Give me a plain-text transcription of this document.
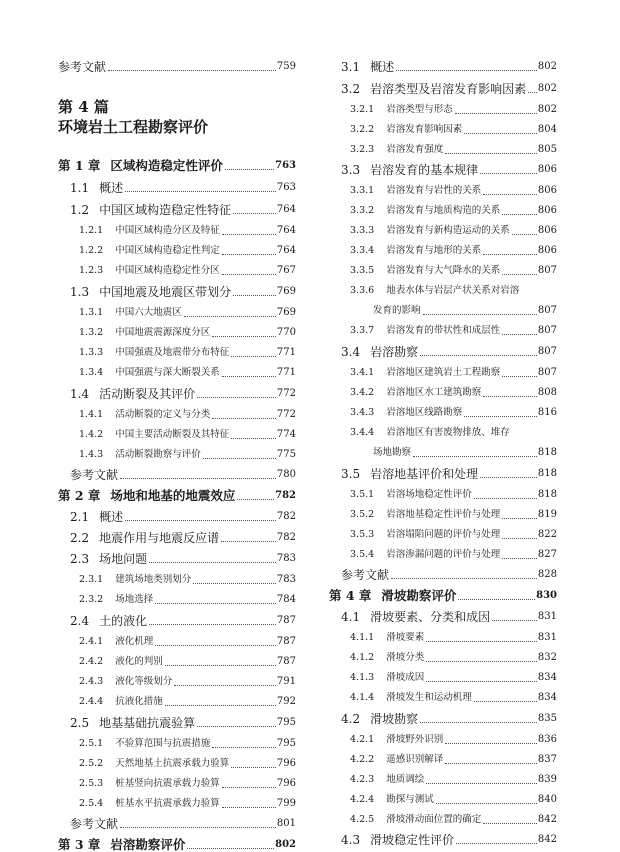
参考文献	759
第 4 篇
环境岩土工程勘察评价
第 1 章 区域构造稳定性评价	763
1.1 概述	763
1.2 中国区域构造稳定性特征	764
1.2.1 中国区域构造分区及特征	764
1.2.2 中国区域构造稳定性判定	764
1.2.3 中国区域构造稳定性分区	767
1.3 中国地震及地震区带划分	769
1.3.1 中国六大地震区	769
1.3.2 中国地震震源深度分区	770
1.3.3 中国强震及地震带分布特征	771
1.3.4 中国强震与深大断裂关系	771
1.4 活动断裂及其评价	772
1.4.1 活动断裂的定义与分类	772
1.4.2 中国主要活动断裂及其特征	774
1.4.3 活动断裂勘察与评价	775
参考文献	780
第 2 章 场地和地基的地震效应	782
2.1 概述	782
2.2 地震作用与地震反应谱	782
2.3 场地问题	783
2.3.1 建筑场地类别划分	783
2.3.2 场地选择	784
2.4 土的液化	787
2.4.1 液化机理	787
2.4.2 液化的判别	787
2.4.3 液化等级划分	791
2.4.4 抗液化措施	792
2.5 地基基础抗震验算	795
2.5.1 不验算范围与抗震措施	795
2.5.2 天然地基土抗震承载力验算	796
2.5.3 桩基竖向抗震承载力验算	796
2.5.4 桩基水平抗震承载力验算	799
参考文献	801
第 3 章 岩溶勘察评价	802
3.1 概述	802
3.2 岩溶类型及岩溶发育影响因素 802
3.2.1 岩溶类型与形态	802
3.2.2 岩溶发育影响因素	804
3.2.3 岩溶发育强度	805
3.3 岩溶发育的基本规律	806
3.3.1 岩溶发育与岩性的关系	806
3.3.2 岩溶发育与地质构造的关系	806
3.3.3 岩溶发育与新构造运动的关系	806
3.3.4 岩溶发育与地形的关系	806
3.3.5 岩溶发育与大气降水的关系	807
3.3.6 地表水体与岩层产状关系对岩溶
发育的影响	807
3.3.7 岩溶发育的带状性和成层性	807
3.4 岩溶勘察	807
3.4.1 岩溶地区建筑岩土工程勘察	807
3.4.2 岩溶地区水工建筑勘察	808
3.4.3 岩溶地区线路勘察	816
3.4.4 岩溶地区有害废物排放、堆存
场地勘察	818
3.5 岩溶地基评价和处理	818
3.5.1 岩溶场地稳定性评价	818
3.5.2 岩溶地基稳定性评价与处理	819
3.5.3 岩溶塌陷问题的评价与处理	822
3.5.4 岩溶渗漏问题的评价与处理	827
参考文献	828
第 4 章 滑坡勘察评价	830
4.1 滑坡要素、分类和成因	831
4.1.1 滑坡要素	831
4.1.2 滑坡分类	832
4.1.3 滑坡成因	834
4.1.4 滑坡发生和运动机理	834
4.2 滑坡勘察	835
4.2.1 滑坡野外识别	836
4.2.2 遥感识别解译	837
4.2.3 地质调绘	839
4.2.4 勘探与测试	840
4.2.5 滑坡滑动面位置的确定	842
4.3 滑坡稳定性评价	842
